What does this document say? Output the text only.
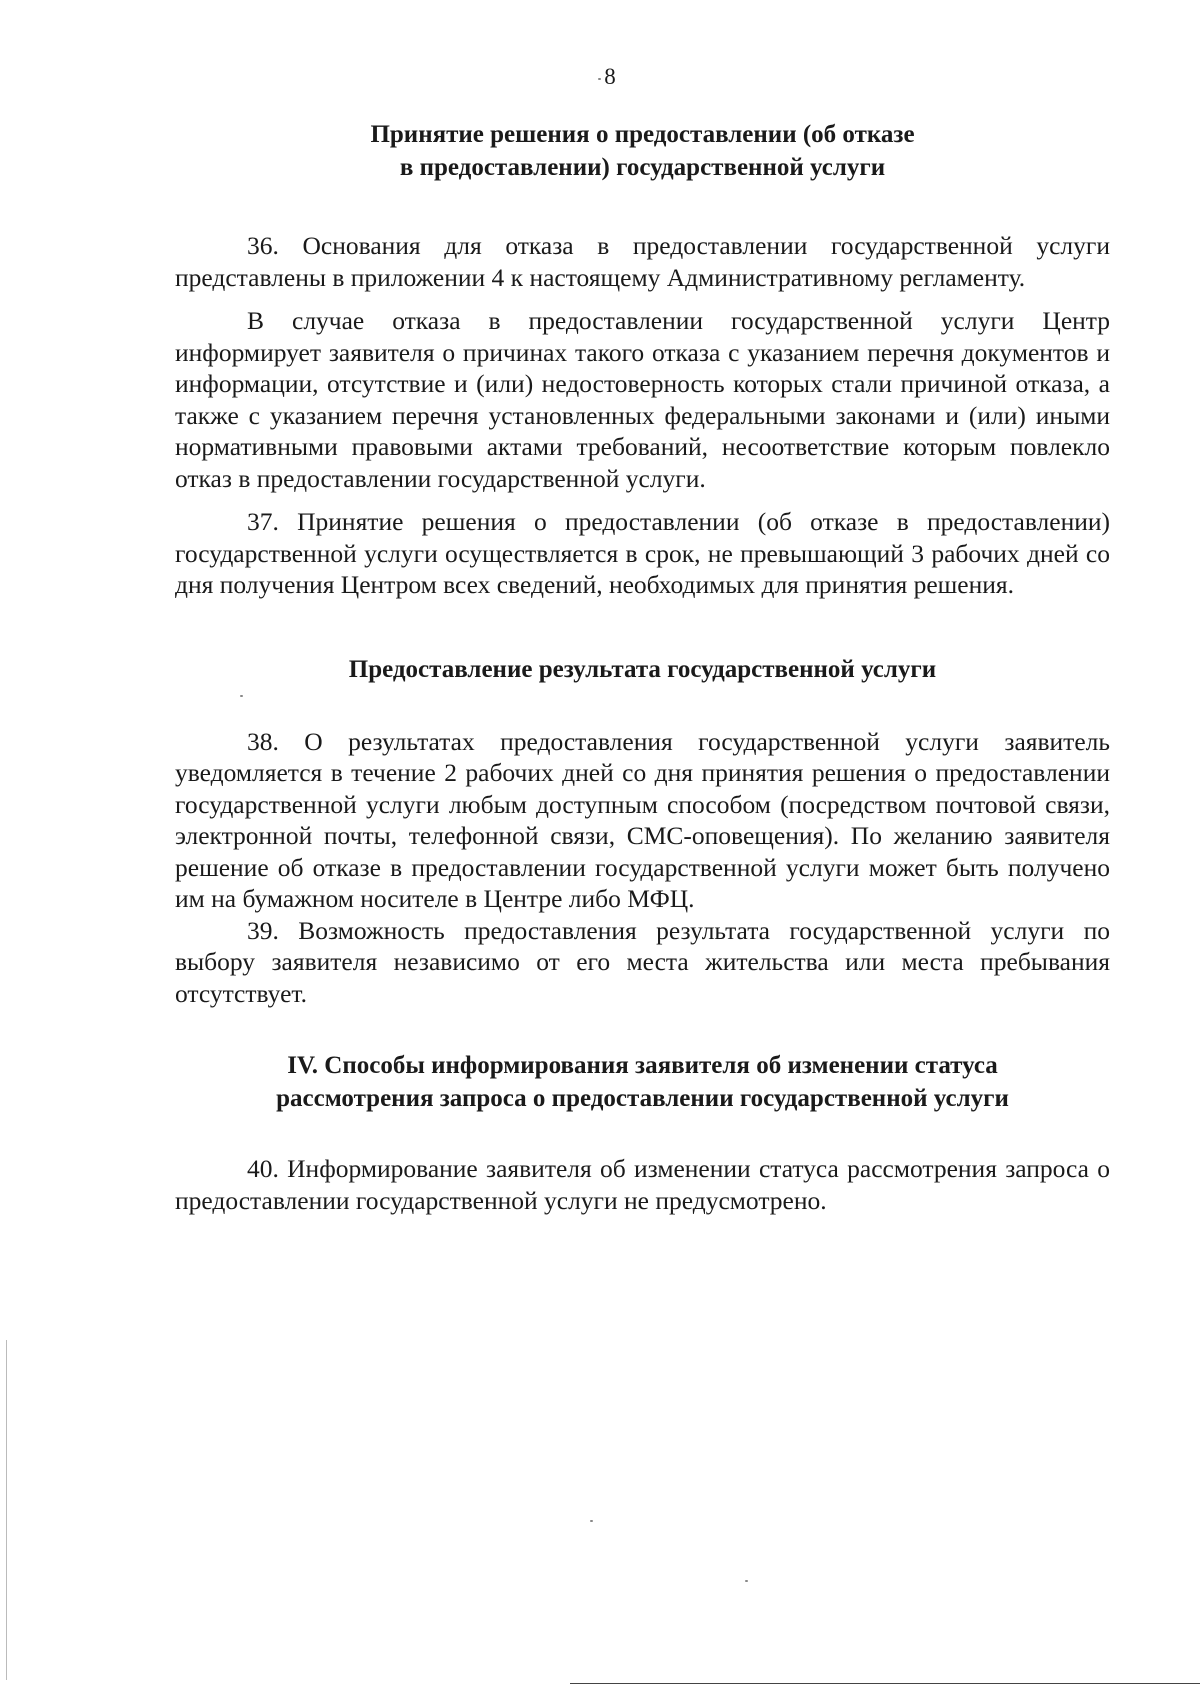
8
Принятие решения о предоставлении (об отказе
в предоставлении) государственной услуги

36. Основания для отказа в предоставлении государственной услуги представлены в приложении 4 к настоящему Административному регламенту.

В случае отказа в предоставлении государственной услуги Центр информирует заявителя о причинах такого отказа с указанием перечня документов и информации, отсутствие и (или) недостоверность которых стали причиной отказа, а также с указанием перечня установленных федеральными законами и (или) иными нормативными правовыми актами требований, несоответствие которым повлекло отказ в предоставлении государственной услуги.

37. Принятие решения о предоставлении (об отказе в предоставлении) государственной услуги осуществляется в срок, не превышающий 3 рабочих дней со дня получения Центром всех сведений, необходимых для принятия решения.

Предоставление результата государственной услуги

38. О результатах предоставления государственной услуги заявитель уведомляется в течение 2 рабочих дней со дня принятия решения о предоставлении государственной услуги любым доступным способом (посредством почтовой связи, электронной почты, телефонной связи, СМС-оповещения). По желанию заявителя решение об отказе в предоставлении государственной услуги может быть получено им на бумажном носителе в Центре либо МФЦ.

39. Возможность предоставления результата государственной услуги по выбору заявителя независимо от его места жительства или места пребывания отсутствует.

IV. Способы информирования заявителя об изменении статуса
рассмотрения запроса о предоставлении государственной услуги

40. Информирование заявителя об изменении статуса рассмотрения запроса о предоставлении государственной услуги не предусмотрено.
